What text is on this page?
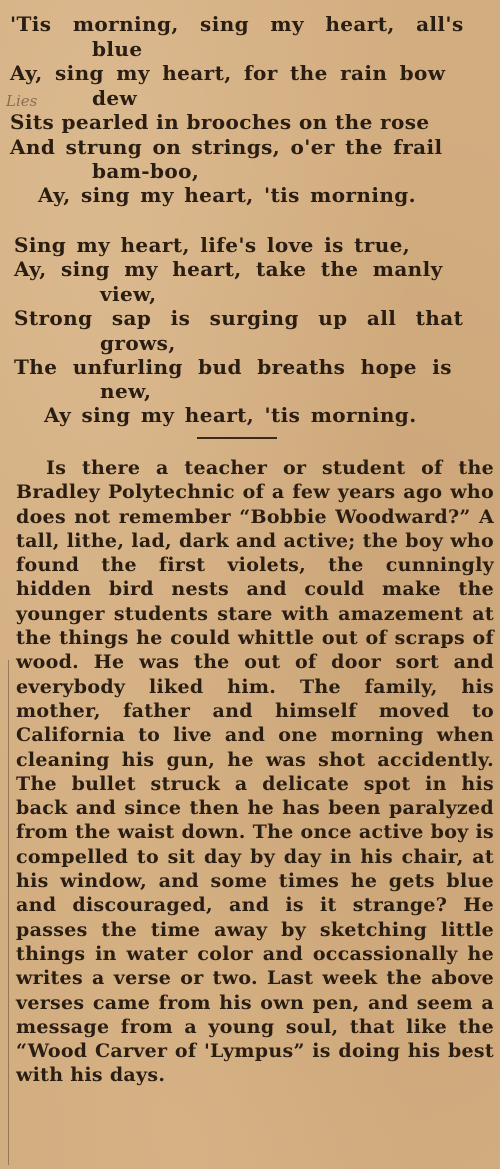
'Tis morning, sing my heart, all's
blue
Ay, sing my heart, for the rain bow
dew
Sits pearled in brooches on the rose
And strung on strings, o'er the frail
bam-boo,
Ay, sing my heart, 'tis morning.
Lies
Sing my heart, life's love is true,
Ay, sing my heart, take the manly
view,
Strong sap is surging up all that
grows,
The unfurling bud breaths hope is
new,
Ay sing my heart, 'tis morning.
Is there a teacher or student of the Bradley Polytechnic of a few years ago who does not remember “Bobbie Woodward?” A tall, lithe, lad, dark and active; the boy who found the first violets, the cunningly hidden bird nests and could make the younger students stare with amazement at the things he could whittle out of scraps of wood. He was the out of door sort and everybody liked him. The family, his mother, father and himself moved to California to live and one morning when cleaning his gun, he was shot accidently. The bullet struck a delicate spot in his back and since then he has been paralyzed from the waist down. The once active boy is compelled to sit day by day in his chair, at his window, and some times he gets blue and discouraged, and is it strange? He passes the time away by sketching little things in water color and occassionally he writes a verse or two. Last week the above verses came from his own pen, and seem a message from a young soul, that like the “Wood Carver of 'Lympus” is doing his best with his days.
